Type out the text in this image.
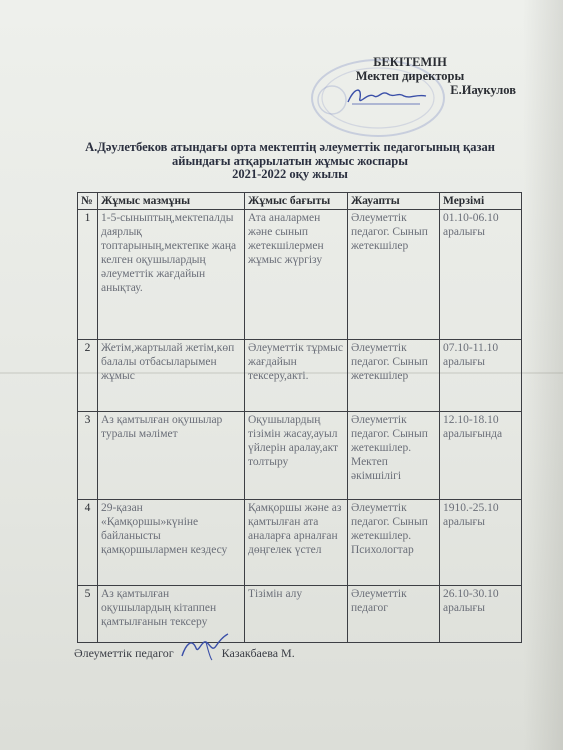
БЕКІТЕМІН
Мектеп директоры
Е.Иаукулов
А.Дәулетбеков атындағы орта мектептің әлеуметтік педагогының қазан
айындағы атқарылатын жұмыс жоспары
2021-2022 оқу жылы
№	Жұмыс мазмұны	Жұмыс бағыты	Жауапты	Мерзімі
1	1-5-сыныптың,мектепалды даярлық топтарының,мектепке жаңа келген оқушылардың әлеуметтік жағдайын анықтау.	Ата аналармен және сынып жетекшілермен жұмыс жүргізу	Әлеуметтік педагог. Сынып жетекшілер	01.10-06.10 аралығы
2	Жетім,жартылай жетім,көп балалы отбасыларымен жұмыс	Әлеуметтік тұрмыс жағдайын тексеру,акті.	Әлеуметтік педагог. Сынып жетекшілер	07.10-11.10 аралығы
3	Аз қамтылған оқушылар туралы мәлімет	Оқушылардың тізімін жасау,ауыл үйлерін аралау,акт толтыру	Әлеуметтік педагог. Сынып жетекшілер. Мектеп әкімшілігі	12.10-18.10 аралығында
4	29-қазан «Қамқоршы»күніне байланысты қамқоршылармен кездесу	Қамқоршы және аз қамтылған ата аналарға арналған дөңгелек үстел	Әлеуметтік педагог. Сынып жетекшілер. Психологтар	1910.-25.10 аралығы
5	Аз қамтылған оқушылардың кітаппен қамтылғанын тексеру	Тізімін алу	Әлеуметтік педагог	26.10-30.10 аралығы
Әлеуметтік педагог	Казакбаева М.
